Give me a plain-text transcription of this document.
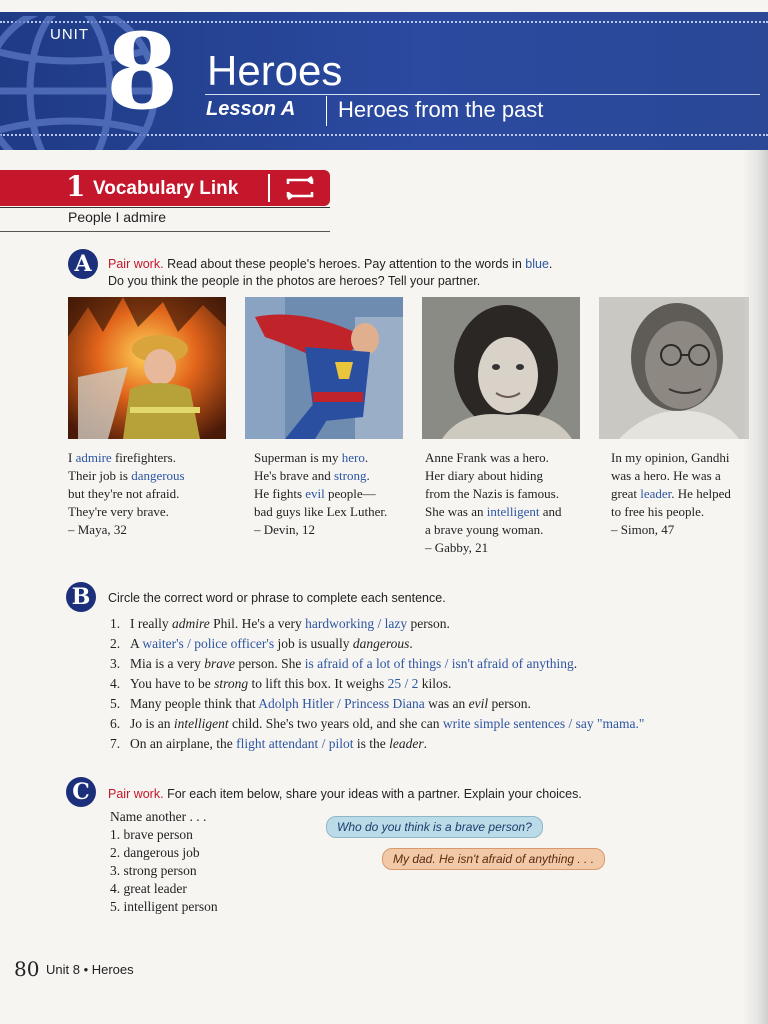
UNIT 8 Heroes
Lesson A Heroes from the past
1 Vocabulary Link
People I admire
A	Pair work. Read about these people's heroes. Pay attention to the words in blue.
Do you think the people in the photos are heroes? Tell your partner.
I admire firefighters.
Their job is dangerous
but they're not afraid.
They're very brave.
– Maya, 32
Superman is my hero.
He's brave and strong.
He fights evil people—
bad guys like Lex Luther.
– Devin, 12
Anne Frank was a hero.
Her diary about hiding
from the Nazis is famous.
She was an intelligent and
a brave young woman.
– Gabby, 21
In my opinion, Gandhi
was a hero. He was a
great leader. He helped
to free his people.
– Simon, 47
B	Circle the correct word or phrase to complete each sentence.
1. I really admire Phil. He's a very hardworking / lazy person.
2. A waiter's / police officer's job is usually dangerous.
3. Mia is a very brave person. She is afraid of a lot of things / isn't afraid of anything.
4. You have to be strong to lift this box. It weighs 25 / 2 kilos.
5. Many people think that Adolph Hitler / Princess Diana was an evil person.
6. Jo is an intelligent child. She's two years old, and she can write simple sentences / say "mama."
7. On an airplane, the flight attendant / pilot is the leader.
C	Pair work. For each item below, share your ideas with a partner. Explain your choices.
Name another . . .
1. brave person
2. dangerous job
3. strong person
4. great leader
5. intelligent person
Who do you think is a brave person?
My dad. He isn't afraid of anything . . .
80 Unit 8 • Heroes
